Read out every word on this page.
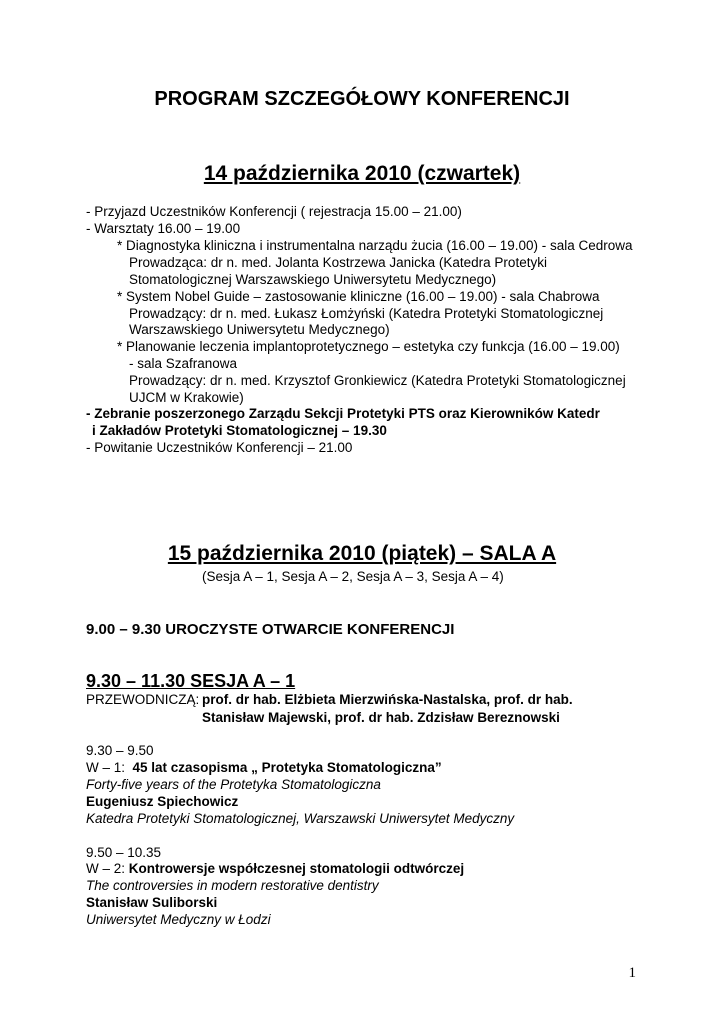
PROGRAM SZCZEGÓŁOWY KONFERENCJI
14 października 2010 (czwartek)
- Przyjazd Uczestników Konferencji ( rejestracja 15.00 – 21.00)
- Warsztaty 16.00 – 19.00
* Diagnostyka kliniczna i instrumentalna narządu żucia (16.00 – 19.00) - sala Cedrowa
Prowadząca: dr n. med. Jolanta Kostrzewa Janicka (Katedra Protetyki
Stomatologicznej Warszawskiego Uniwersytetu Medycznego)
* System Nobel Guide – zastosowanie kliniczne (16.00 – 19.00) - sala Chabrowa
Prowadzący: dr n. med. Łukasz Łomżyński (Katedra Protetyki Stomatologicznej
Warszawskiego Uniwersytetu Medycznego)
* Planowanie leczenia implantoprotetycznego – estetyka czy funkcja (16.00 – 19.00)
- sala Szafranowa
Prowadzący: dr n. med. Krzysztof Gronkiewicz (Katedra Protetyki Stomatologicznej
UJCM w Krakowie)
- Zebranie poszerzonego Zarządu Sekcji Protetyki PTS oraz Kierowników Katedr
i Zakładów Protetyki Stomatologicznej – 19.30
- Powitanie Uczestników Konferencji – 21.00
15 października 2010 (piątek) – SALA A
(Sesja A – 1, Sesja A – 2, Sesja A – 3, Sesja A – 4)
9.00 – 9.30 UROCZYSTE OTWARCIE KONFERENCJI
9.30 – 11.30 SESJA A – 1
PRZEWODNICZĄ: prof. dr hab. Elżbieta Mierzwińska-Nastalska, prof. dr hab.
Stanisław Majewski, prof. dr hab. Zdzisław Bereznowski
9.30 – 9.50
W – 1: 45 lat czasopisma „ Protetyka Stomatologiczna”
Forty-five years of the Protetyka Stomatologiczna
Eugeniusz Spiechowicz
Katedra Protetyki Stomatologicznej, Warszawski Uniwersytet Medyczny
9.50 – 10.35
W – 2: Kontrowersje współczesnej stomatologii odtwórczej
The controversies in modern restorative dentistry
Stanisław Suliborski
Uniwersytet Medyczny w Łodzi
1
